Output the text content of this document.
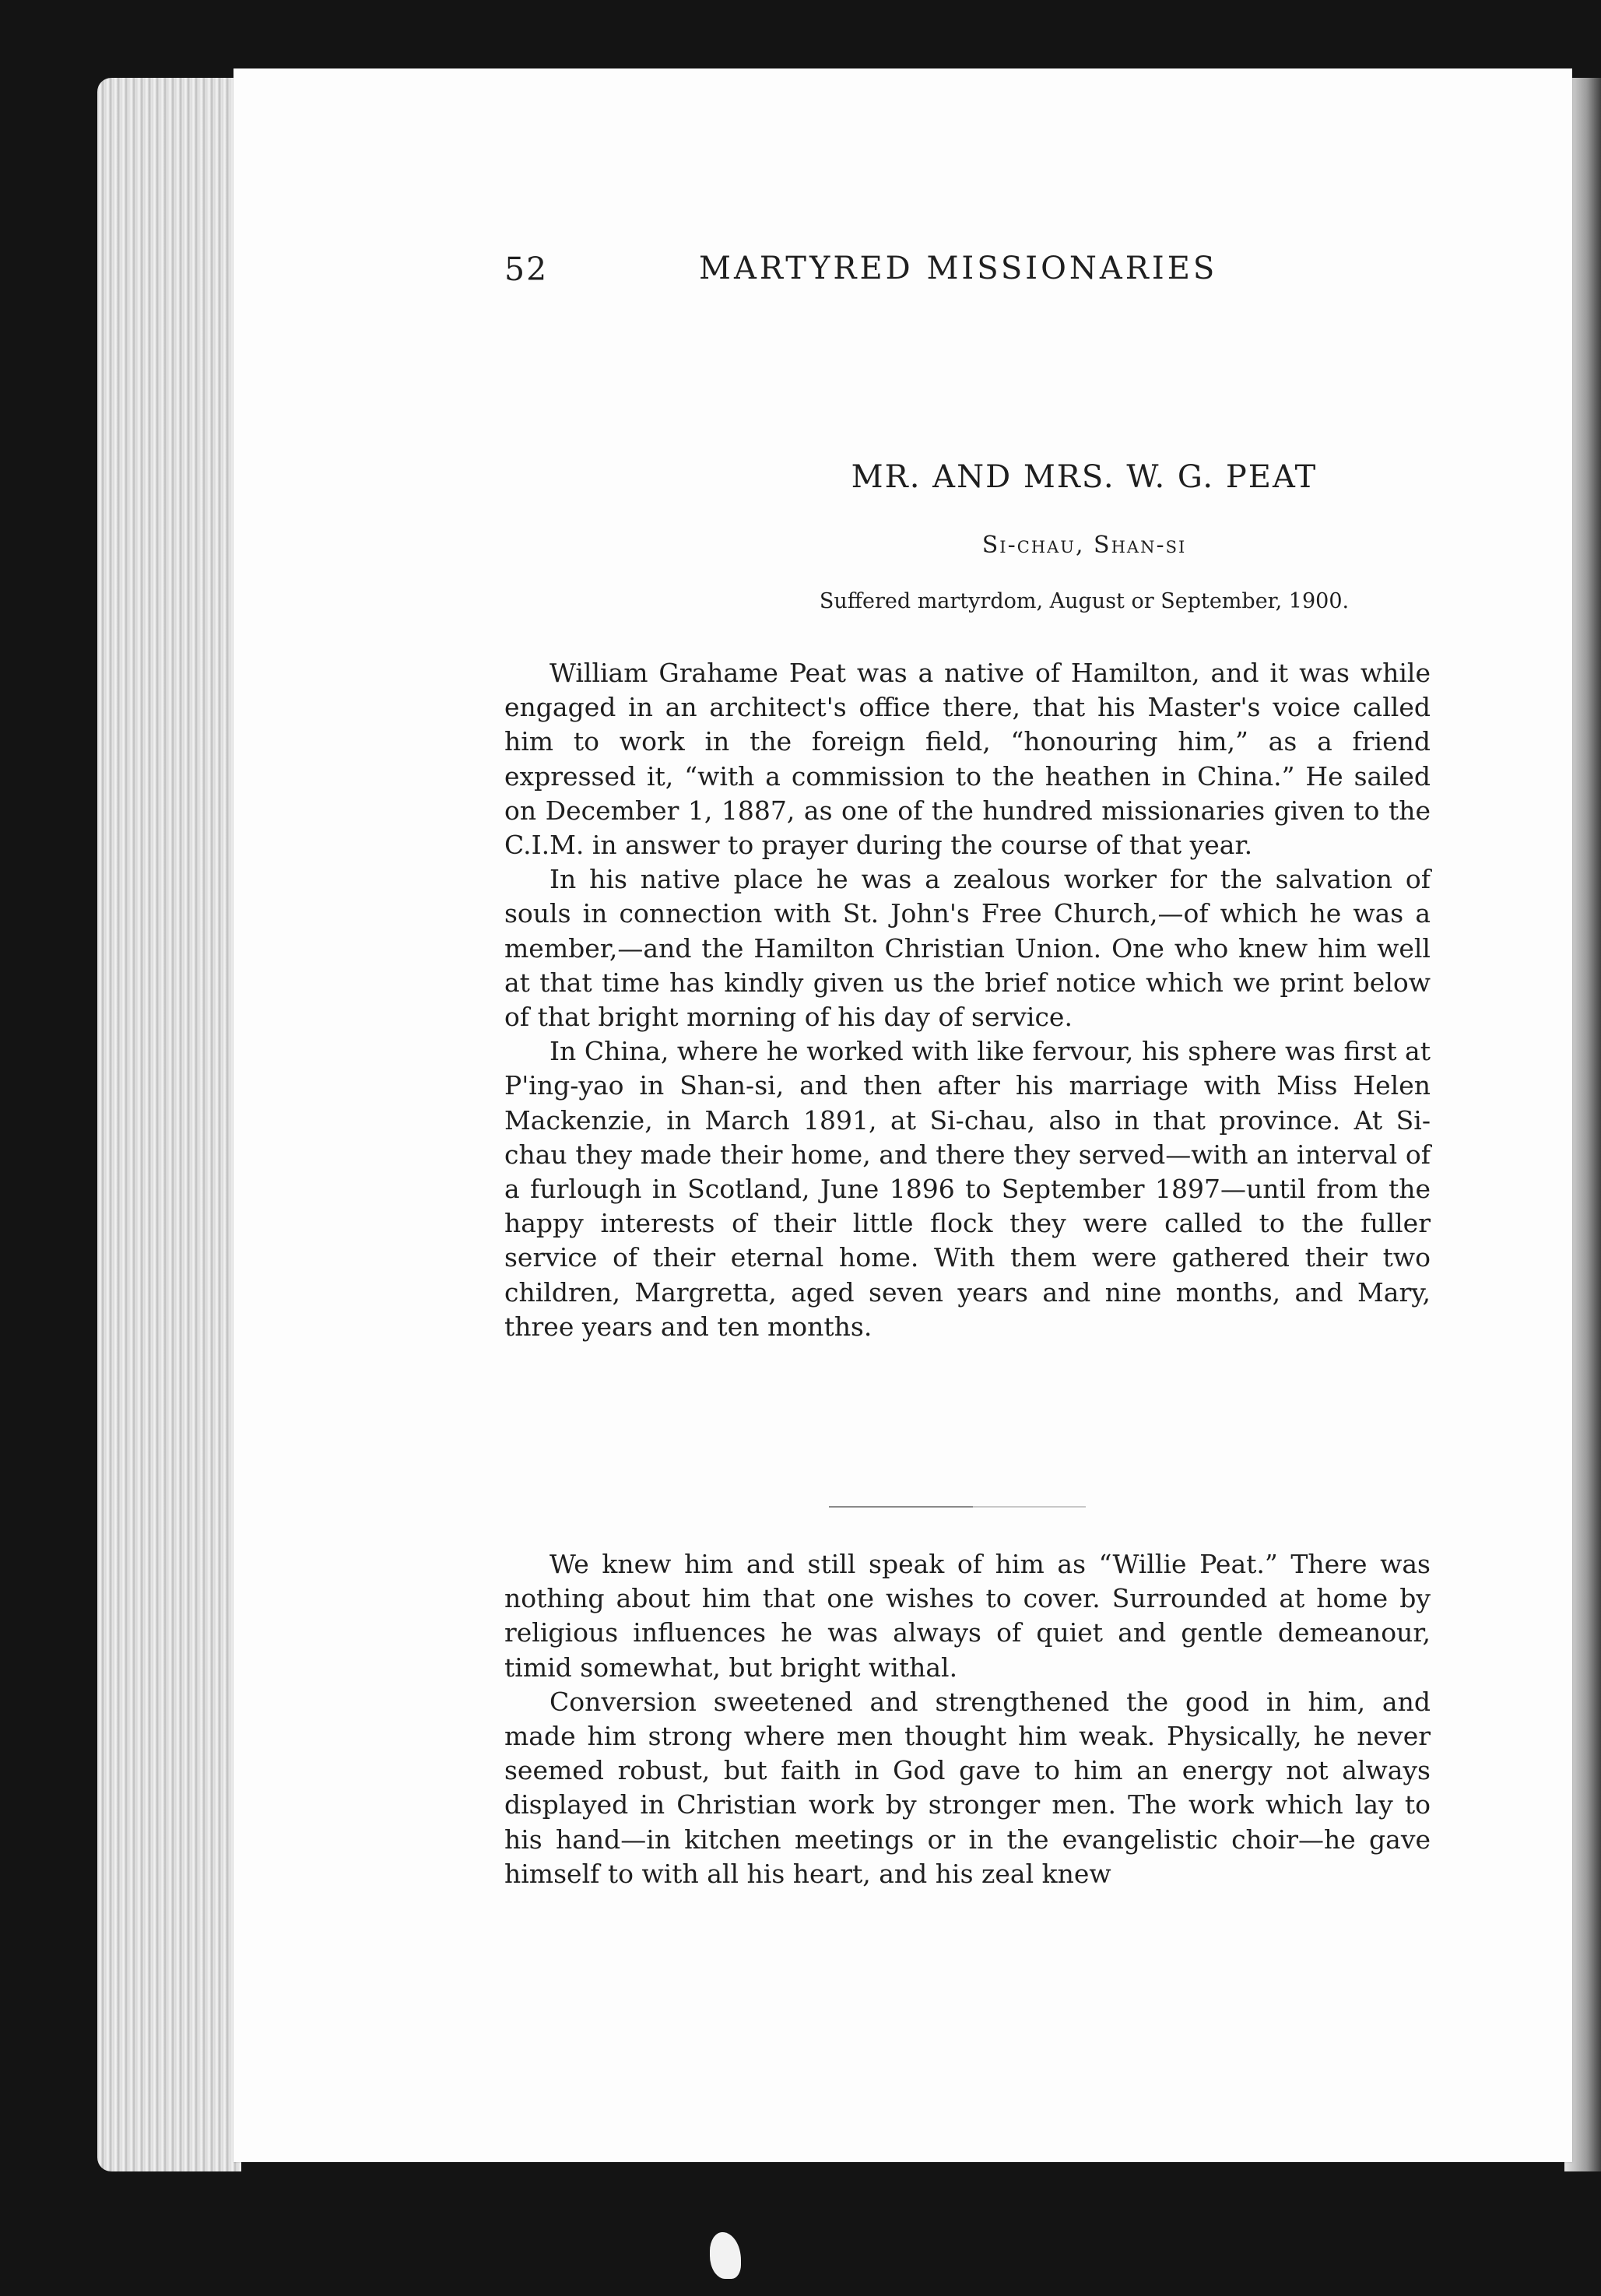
52	MARTYRED MISSIONARIES
MR. AND MRS. W. G. PEAT
Si-chau, Shan-si
Suffered martyrdom, August or September, 1900.

William Grahame Peat was a native of Hamilton, and it was while engaged in an architect's office there, that his Master's voice called him to work in the foreign field, “honouring him,” as a friend expressed it, “with a commission to the heathen in China.” He sailed on December 1, 1887, as one of the hundred missionaries given to the C.I.M. in answer to prayer during the course of that year.

In his native place he was a zealous worker for the salvation of souls in connection with St. John's Free Church,—of which he was a member,—and the Hamilton Christian Union. One who knew him well at that time has kindly given us the brief notice which we print below of that bright morning of his day of service.

In China, where he worked with like fervour, his sphere was first at P'ing-yao in Shan-si, and then after his marriage with Miss Helen Mackenzie, in March 1891, at Si-chau, also in that province. At Si-chau they made their home, and there they served—with an interval of a furlough in Scotland, June 1896 to September 1897—until from the happy interests of their little flock they were called to the fuller service of their eternal home. With them were gathered their two children, Margretta, aged seven years and nine months, and Mary, three years and ten months.

We knew him and still speak of him as “Willie Peat.” There was nothing about him that one wishes to cover. Surrounded at home by religious influences he was always of quiet and gentle demeanour, timid somewhat, but bright withal.

Conversion sweetened and strengthened the good in him, and made him strong where men thought him weak. Physically, he never seemed robust, but faith in God gave to him an energy not always displayed in Christian work by stronger men. The work which lay to his hand—in kitchen meetings or in the evangelistic choir—he gave himself to with all his heart, and his zeal knew
